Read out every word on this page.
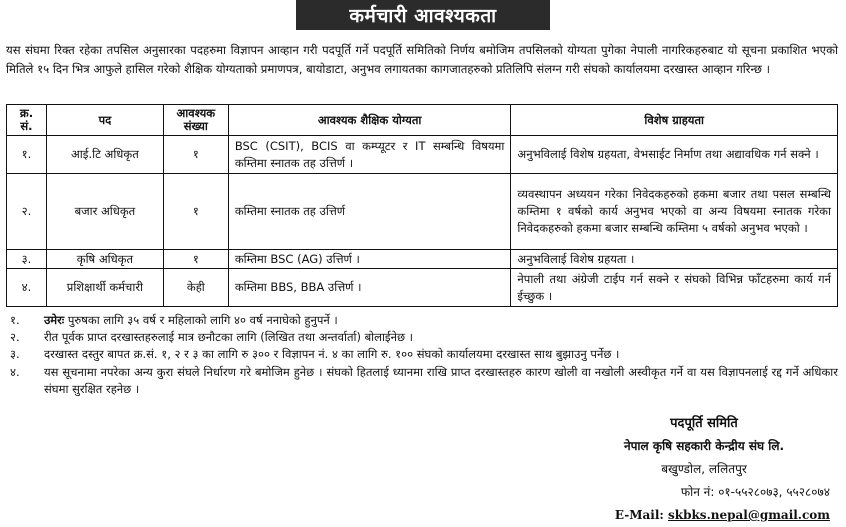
कर्मचारी आवश्यकता
यस संघमा रिक्त रहेका तपसिल अनुसारका पदहरुमा विज्ञापन आव्हान गरी पदपूर्ति गर्ने पदपूर्ति समितिको निर्णय बमोजिम तपसिलको योग्यता पुगेका नेपाली नागरिकहरुबाट यो सूचना प्रकाशित भएको मितिले १५ दिन भित्र आफुले हासिल गरेको शैक्षिक योग्यताको प्रमाणपत्र, बायोडाटा, अनुभव लगायतका कागजातहरुको प्रतिलिपि संलग्न गरी संघको कार्यालयमा दरखास्त आव्हान गरिन्छ ।
क्र. सं.	पद	आवश्यक संख्या	आवश्यक शैक्षिक योग्यता	विशेष ग्राहयता
१.	आई.टि अधिकृत	१	BSC (CSIT), BCIS वा कम्प्यूटर र IT सम्बन्धि विषयमा कम्तिमा स्नातक तह उत्तिर्ण ।	अनुभविलाई विशेष ग्रहयता, वेभसाईट निर्माण तथा अद्यावधिक गर्न सक्ने ।
२.	बजार अधिकृत	१	कम्तिमा स्नातक तह उत्तिर्ण	व्यवस्थापन अध्ययन गरेका निवेदकहरुको हकमा बजार तथा पसल सम्बन्धि कम्तिमा १ वर्षको कार्य अनुभव भएको वा अन्य विषयमा स्नातक गरेका निवेदकहरुको हकमा बजार सम्बन्धि कम्तिमा ५ वर्षको अनुभव भएको ।
३.	कृषि अधिकृत	१	कम्तिमा BSC (AG) उत्तिर्ण ।	अनुभविलाई विशेष ग्रहयता ।
४.	प्रशिक्षार्थी कर्मचारी	केही	कम्तिमा BBS, BBA उत्तिर्ण ।	नेपाली तथा अंग्रेजी टाईप गर्न सक्ने र संघको विभिन्न फाँटहरुमा कार्य गर्न ईच्छुक ।
१.	उमेरः पुरुषका लागि ३५ वर्ष र महिलाको लागि ४० वर्ष ननाघेको हुनुपर्ने ।
२.	रीत पूर्वक प्राप्त दरखास्तहरुलाई मात्र छनौटका लागि (लिखित तथा अन्तर्वार्ता) बोलाईनेछ ।
३.	दरखास्त दस्तुर बापत क्र.सं. १, २ र ३ का लागि रु ३०० र विज्ञापन नं. ४ का लागि रु. १०० संघको कार्यालयमा दरखास्त साथ बुझाउनु पर्नेछ ।
४.	यस सूचनामा नपरेका अन्य कुरा संघले निर्धारण गरे बमोजिम हुनेछ । संघको हितलाई ध्यानमा राखि प्राप्त दरखास्तहरु कारण खोली वा नखोली अस्वीकृत गर्ने वा यस विज्ञापनलाई रद्द गर्ने अधिकार संघमा सुरक्षित रहनेछ ।
पदपूर्ति समिति
नेपाल कृषि सहकारी केन्द्रीय संघ लि.
बखुण्डोल, ललितपुर
फोन नं: ०१-५५२८०७३, ५५२८०७४
E-Mail: skbks.nepal@gmail.com
